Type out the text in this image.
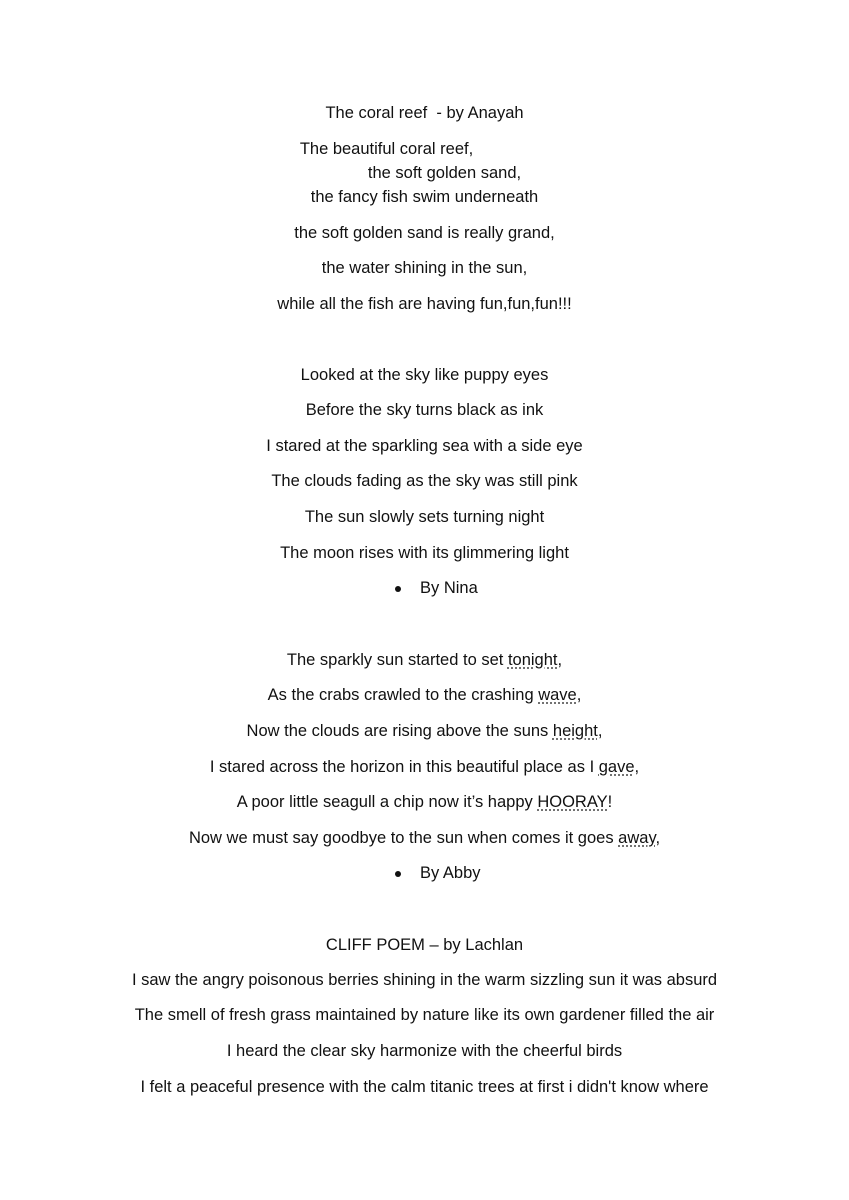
The coral reef  - by Anayah
The beautiful coral reef,
the soft golden sand,
the fancy fish swim underneath
the soft golden sand is really grand,
the water shining in the sun,
while all the fish are having fun,fun,fun!!!
Looked at the sky like puppy eyes
Before the sky turns black as ink
I stared at the sparkling sea with a side eye
The clouds fading as the sky was still pink
The sun slowly sets turning night
The moon rises with its glimmering light

By Nina

The sparkly sun started to set tonight,
As the crabs crawled to the crashing wave,
Now the clouds are rising above the suns height,
I stared across the horizon in this beautiful place as I gave,
A poor little seagull a chip now it’s happy HOORAY!
Now we must say goodbye to the sun when comes it goes away,

By Abby

CLIFF POEM – by Lachlan
I saw the angry poisonous berries shining in the warm sizzling sun it was absurd
The smell of fresh grass maintained by nature like its own gardener filled the air
I heard the clear sky harmonize with the cheerful birds
I felt a peaceful presence with the calm titanic trees at first i didn't know where
